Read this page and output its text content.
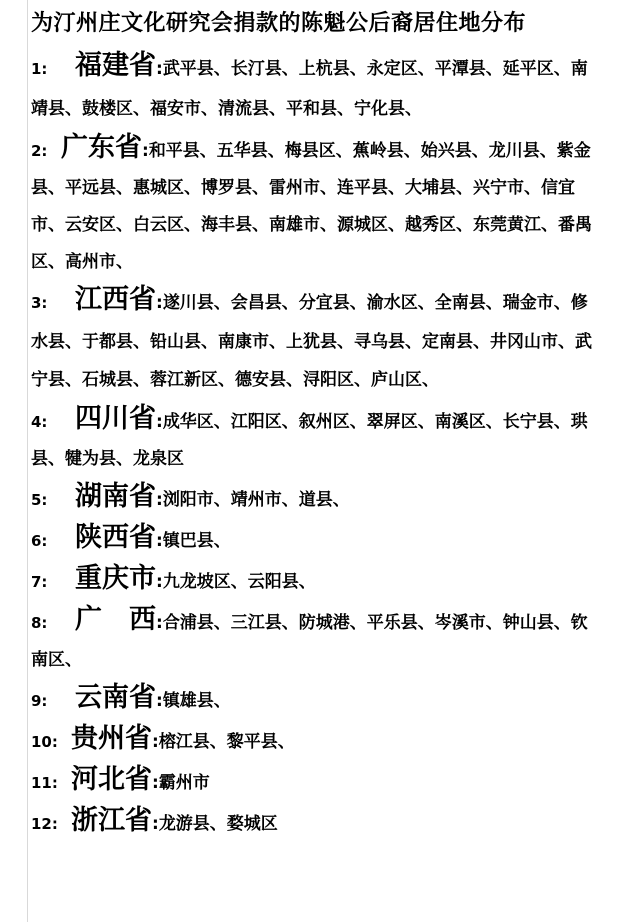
为汀州庄文化研究会捐款的陈魁公后裔居住地分布
1: 福建省:武平县、长汀县、上杭县、永定区、平潭县、延平区、南靖县、鼓楼区、福安市、清流县、平和县、宁化县、
2: 广东省:和平县、五华县、梅县区、蕉岭县、始兴县、龙川县、紫金县、平远县、惠城区、博罗县、雷州市、连平县、大埔县、兴宁市、信宜市、云安区、白云区、海丰县、南雄市、源城区、越秀区、东莞黄江、番禺区、高州市、
3: 江西省:遂川县、会昌县、分宜县、渝水区、全南县、瑞金市、修水县、于都县、铅山县、南康市、上犹县、寻乌县、定南县、井冈山市、武宁县、石城县、蓉江新区、德安县、浔阳区、庐山区、
4: 四川省:成华区、江阳区、叙州区、翠屏区、南溪区、长宁县、珙县、犍为县、龙泉区
5: 湖南省:浏阳市、靖州市、道县、
6: 陕西省:镇巴县、
7: 重庆市:九龙坡区、云阳县、
8: 广　西:合浦县、三江县、防城港、平乐县、岑溪市、钟山县、钦南区、
9: 云南省:镇雄县、
10: 贵州省:榕江县、黎平县、
11: 河北省:霸州市
12: 浙江省:龙游县、婺城区
